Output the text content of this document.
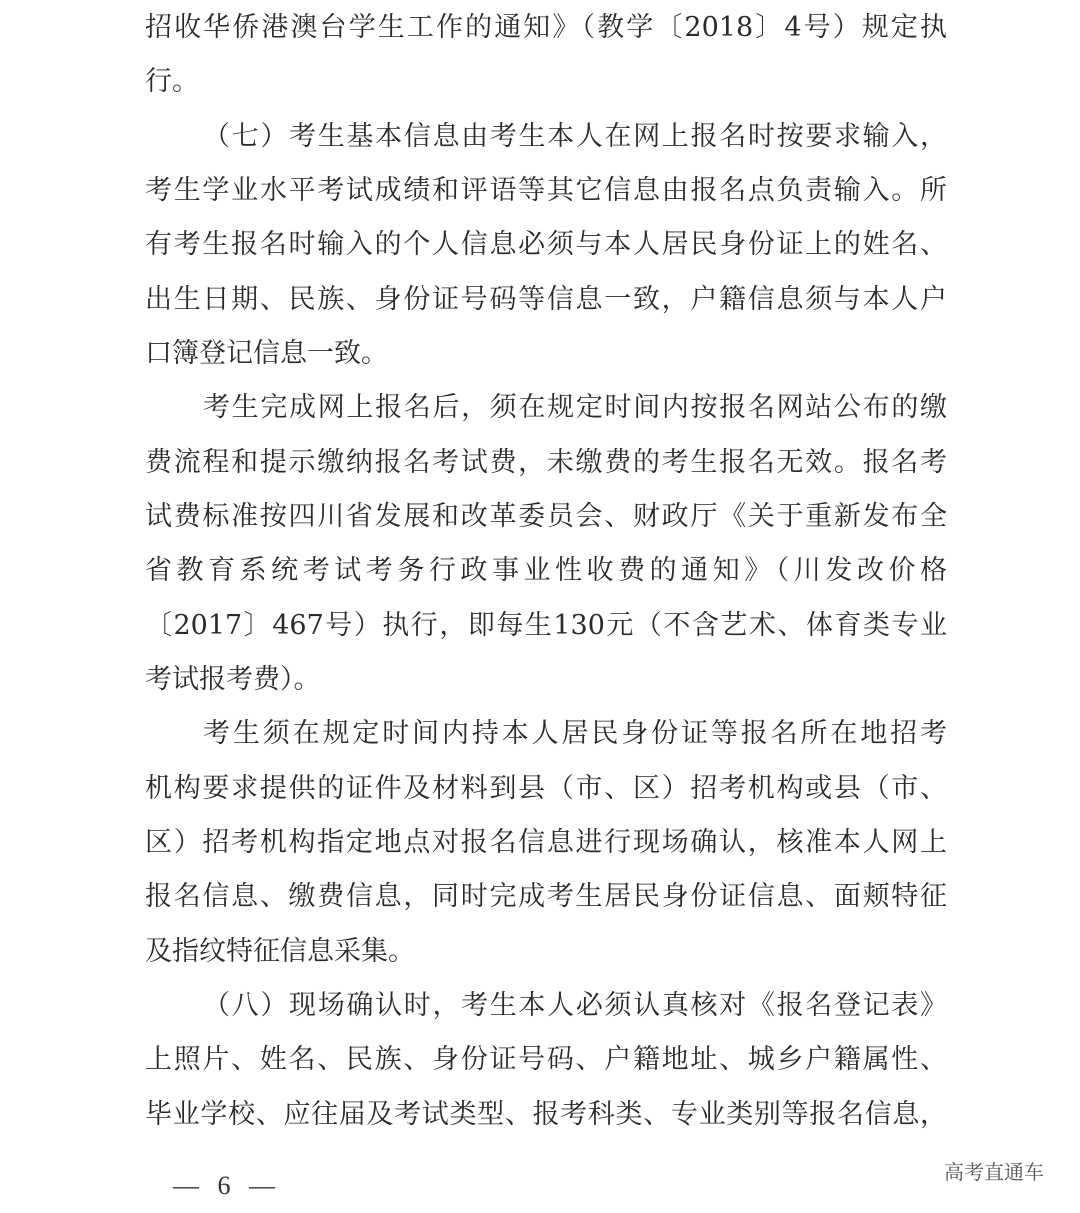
招收华侨港澳台学生工作的通知》（教学〔2018〕4号）规定执
行。
（七）考生基本信息由考生本人在网上报名时按要求输入，
考生学业水平考试成绩和评语等其它信息由报名点负责输入。所
有考生报名时输入的个人信息必须与本人居民身份证上的姓名、
出生日期、民族、身份证号码等信息一致，户籍信息须与本人户
口簿登记信息一致。
考生完成网上报名后，须在规定时间内按报名网站公布的缴
费流程和提示缴纳报名考试费，未缴费的考生报名无效。报名考
试费标准按四川省发展和改革委员会、财政厅《关于重新发布全
省教育系统考试考务行政事业性收费的通知》（川发改价格
〔2017〕467号）执行，即每生130元（不含艺术、体育类专业
考试报考费）。
考生须在规定时间内持本人居民身份证等报名所在地招考
机构要求提供的证件及材料到县（市、区）招考机构或县（市、
区）招考机构指定地点对报名信息进行现场确认，核准本人网上
报名信息、缴费信息，同时完成考生居民身份证信息、面颊特征
及指纹特征信息采集。
（八）现场确认时，考生本人必须认真核对《报名登记表》
上照片、姓名、民族、身份证号码、户籍地址、城乡户籍属性、
毕业学校、应往届及考试类型、报考科类、专业类别等报名信息，
— 6 —	高考直通车
